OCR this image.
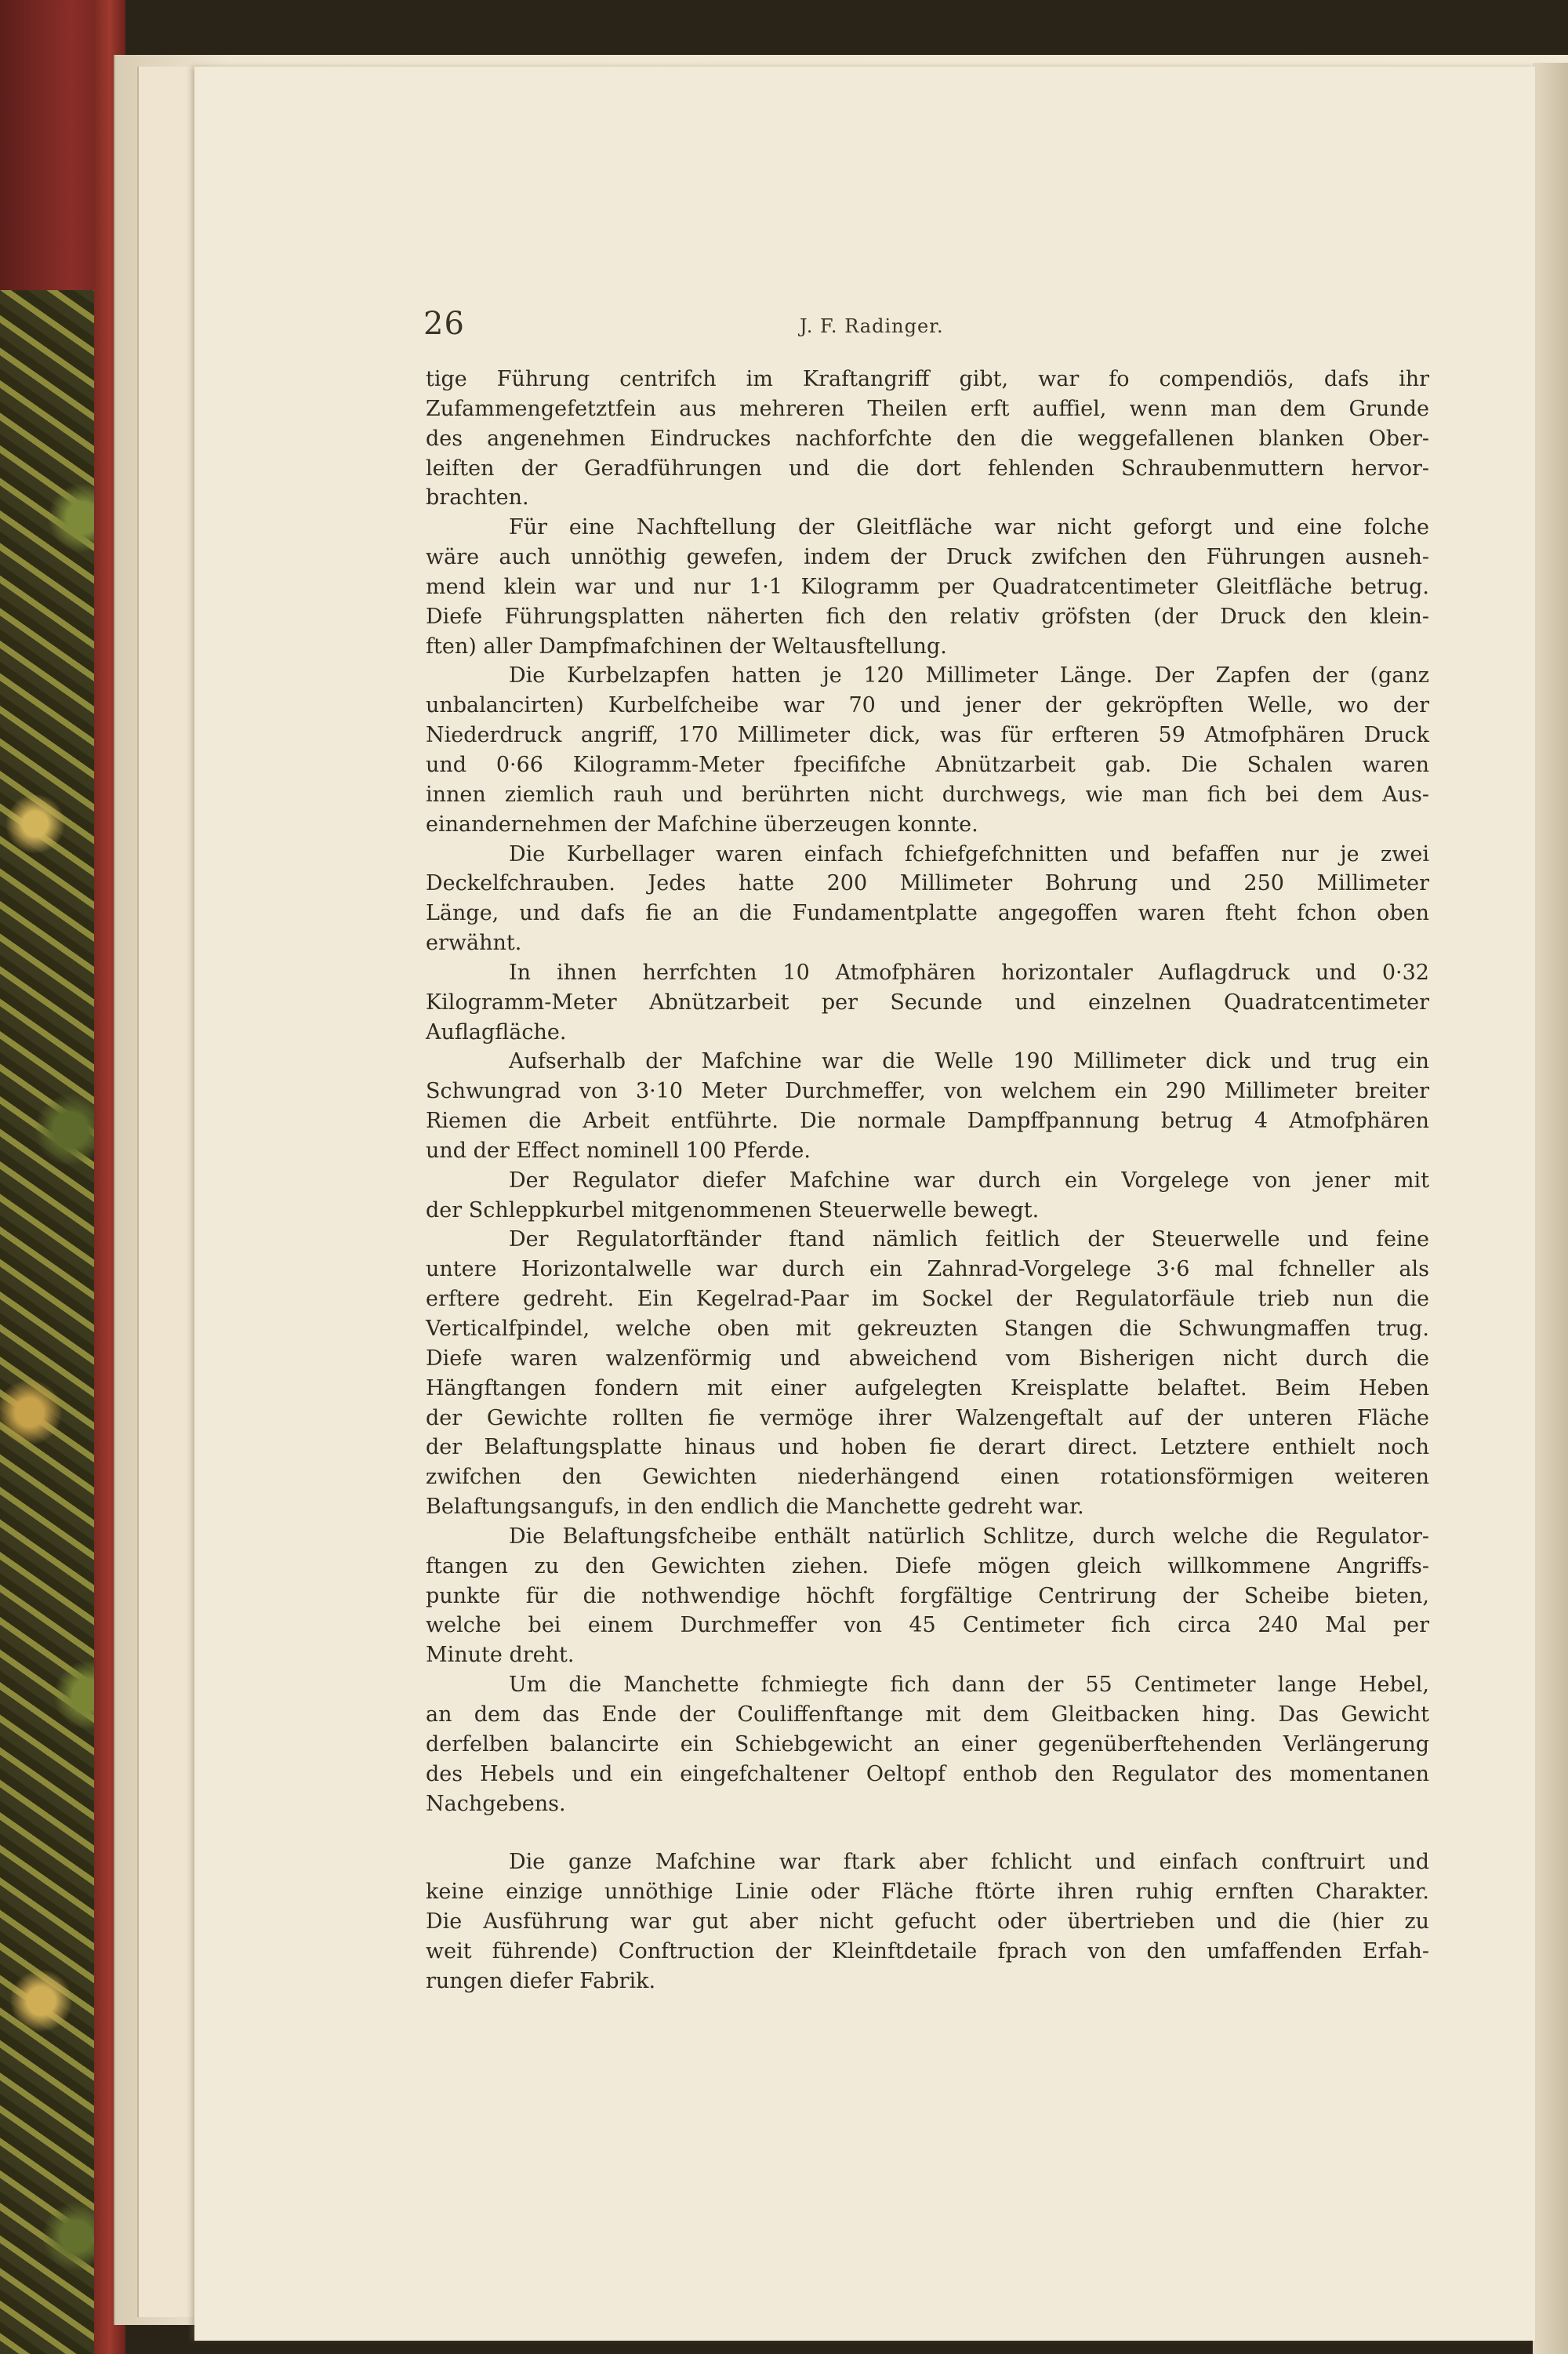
26	J. F. Radinger.

tige Führung centrifch im Kraftangriff gibt, war fo compendiös, dafs ihr
Zufammengefetztfein aus mehreren Theilen erft auffiel, wenn man dem Grunde
des angenehmen Eindruckes nachforfchte den die weggefallenen blanken Ober-
leiften der Geradführungen und die dort fehlenden Schraubenmuttern hervor-
brachten.

Für eine Nachftellung der Gleitfläche war nicht geforgt und eine folche
wäre auch unnöthig gewefen, indem der Druck zwifchen den Führungen ausneh-
mend klein war und nur 1·1 Kilogramm per Quadratcentimeter Gleitfläche betrug.
Diefe Führungsplatten näherten fich den relativ gröfsten (der Druck den klein-
ften) aller Dampfmafchinen der Weltausftellung.

Die Kurbelzapfen hatten je 120 Millimeter Länge. Der Zapfen der (ganz
unbalancirten) Kurbelfcheibe war 70 und jener der gekröpften Welle, wo der
Niederdruck angriff, 170 Millimeter dick, was für erfteren 59 Atmofphären Druck
und 0·66 Kilogramm-Meter fpecififche Abnützarbeit gab. Die Schalen waren
innen ziemlich rauh und berührten nicht durchwegs, wie man fich bei dem Aus-
einandernehmen der Mafchine überzeugen konnte.

Die Kurbellager waren einfach fchiefgefchnitten und befaffen nur je zwei
Deckelfchrauben. Jedes hatte 200 Millimeter Bohrung und 250 Millimeter
Länge, und dafs fie an die Fundamentplatte angegoffen waren fteht fchon oben
erwähnt.

In ihnen herrfchten 10 Atmofphären horizontaler Auflagdruck und 0·32
Kilogramm-Meter Abnützarbeit per Secunde und einzelnen Quadratcentimeter
Auflagfläche.

Aufserhalb der Mafchine war die Welle 190 Millimeter dick und trug ein
Schwungrad von 3·10 Meter Durchmeffer, von welchem ein 290 Millimeter breiter
Riemen die Arbeit entführte. Die normale Dampffpannung betrug 4 Atmofphären
und der Effect nominell 100 Pferde.

Der Regulator diefer Mafchine war durch ein Vorgelege von jener mit
der Schleppkurbel mitgenommenen Steuerwelle bewegt.

Der Regulatorftänder ftand nämlich feitlich der Steuerwelle und feine
untere Horizontalwelle war durch ein Zahnrad-Vorgelege 3·6 mal fchneller als
erftere gedreht. Ein Kegelrad-Paar im Sockel der Regulatorfäule trieb nun die
Verticalfpindel, welche oben mit gekreuzten Stangen die Schwungmaffen trug.
Diefe waren walzenförmig und abweichend vom Bisherigen nicht durch die
Hängftangen fondern mit einer aufgelegten Kreisplatte belaftet. Beim Heben
der Gewichte rollten fie vermöge ihrer Walzengeftalt auf der unteren Fläche
der Belaftungsplatte hinaus und hoben fie derart direct. Letztere enthielt noch
zwifchen den Gewichten niederhängend einen rotationsförmigen weiteren
Belaftungsangufs, in den endlich die Manchette gedreht war.

Die Belaftungsfcheibe enthält natürlich Schlitze, durch welche die Regulator-
ftangen zu den Gewichten ziehen. Diefe mögen gleich willkommene Angriffs-
punkte für die nothwendige höchft forgfältige Centrirung der Scheibe bieten,
welche bei einem Durchmeffer von 45 Centimeter fich circa 240 Mal per
Minute dreht.

Um die Manchette fchmiegte fich dann der 55 Centimeter lange Hebel,
an dem das Ende der Couliffenftange mit dem Gleitbacken hing. Das Gewicht
derfelben balancirte ein Schiebgewicht an einer gegenüberftehenden Verlängerung
des Hebels und ein eingefchaltener Oeltopf enthob den Regulator des momentanen
Nachgebens.

Die ganze Mafchine war ftark aber fchlicht und einfach conftruirt und
keine einzige unnöthige Linie oder Fläche ftörte ihren ruhig ernften Charakter.
Die Ausführung war gut aber nicht gefucht oder übertrieben und die (hier zu
weit führende) Conftruction der Kleinftdetaile fprach von den umfaffenden Erfah-
rungen diefer Fabrik.
